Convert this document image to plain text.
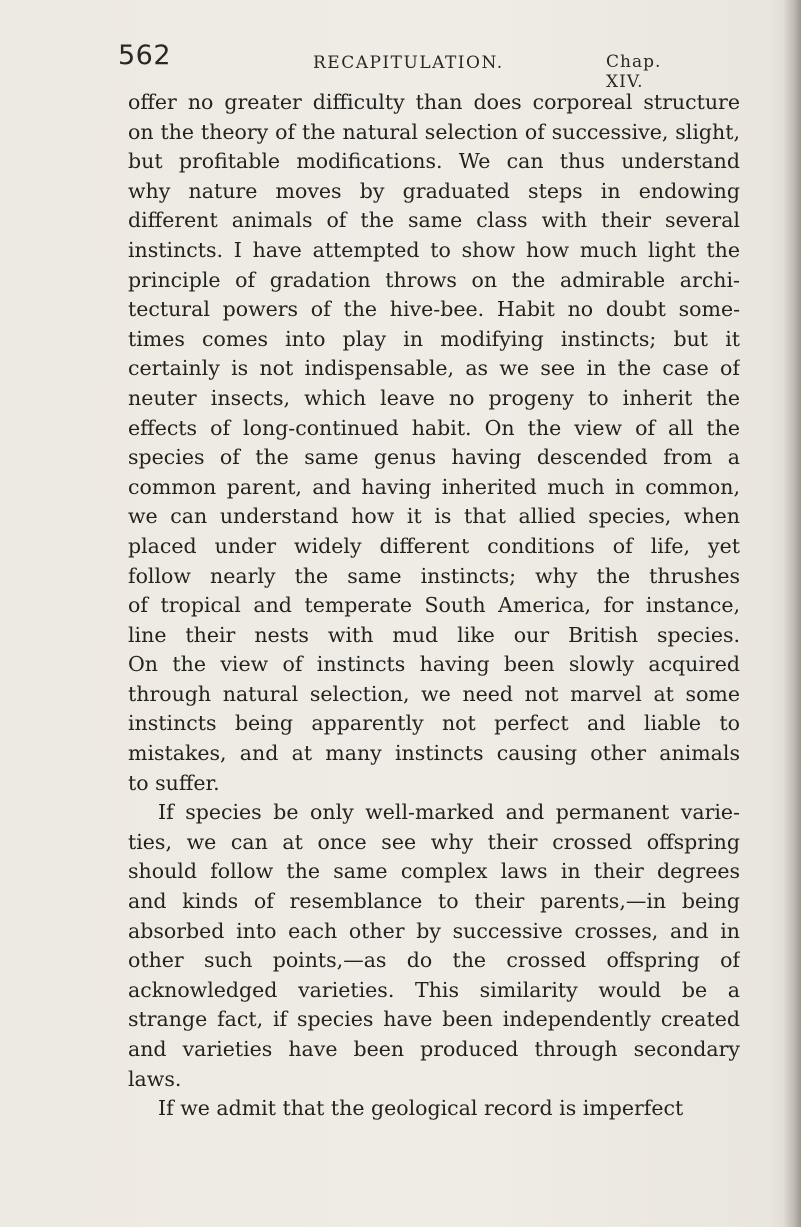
562	RECAPITULATION.	Chap. XIV.
offer no greater difficulty than does corporeal structure
on the theory of the natural selection of successive, slight,
but profitable modifications. We can thus understand
why nature moves by graduated steps in endowing
different animals of the same class with their several
instincts. I have attempted to show how much light the
principle of gradation throws on the admirable archi-
tectural powers of the hive-bee. Habit no doubt some-
times comes into play in modifying instincts; but it
certainly is not indispensable, as we see in the case of
neuter insects, which leave no progeny to inherit the
effects of long-continued habit. On the view of all the
species of the same genus having descended from a
common parent, and having inherited much in common,
we can understand how it is that allied species, when
placed under widely different conditions of life, yet
follow nearly the same instincts; why the thrushes
of tropical and temperate South America, for instance,
line their nests with mud like our British species.
On the view of instincts having been slowly acquired
through natural selection, we need not marvel at some
instincts being apparently not perfect and liable to
mistakes, and at many instincts causing other animals
to suffer.
If species be only well-marked and permanent varie-
ties, we can at once see why their crossed offspring
should follow the same complex laws in their degrees
and kinds of resemblance to their parents,—in being
absorbed into each other by successive crosses, and in
other such points,—as do the crossed offspring of
acknowledged varieties. This similarity would be a
strange fact, if species have been independently created
and varieties have been produced through secondary
laws.
If we admit that the geological record is imperfect
